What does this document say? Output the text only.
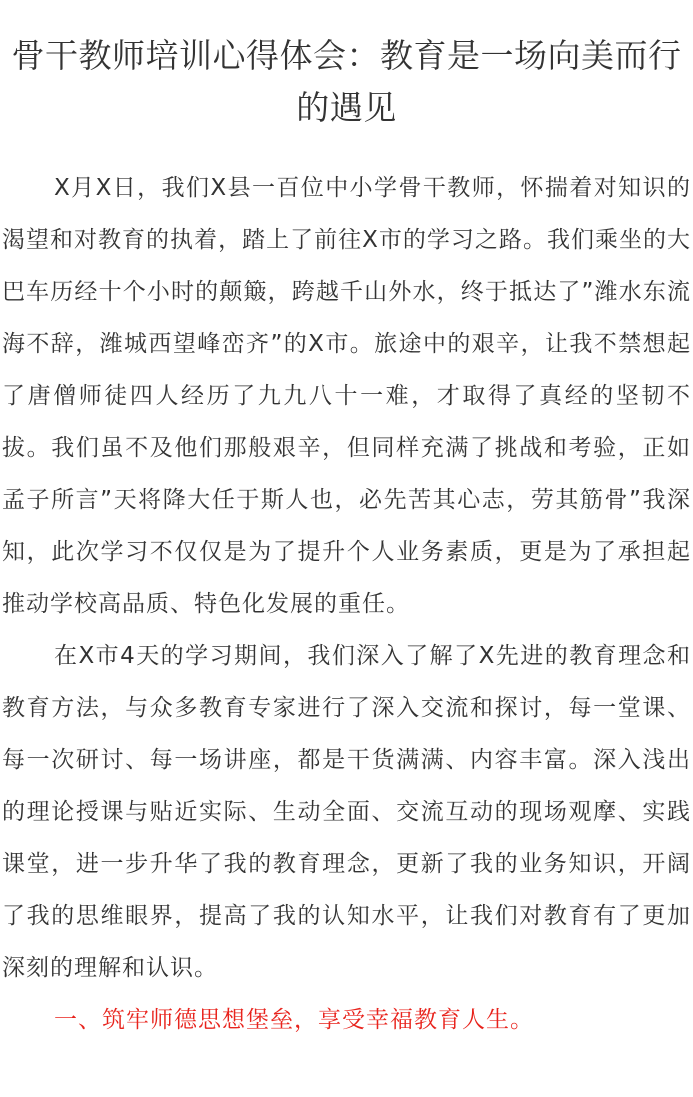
骨干教师培训心得体会：教育是一场向美而行的遇见

X月X日，我们X县一百位中小学骨干教师，怀揣着对知识的渴望和对教育的执着，踏上了前往X市的学习之路。我们乘坐的大巴车历经十个小时的颠簸，跨越千山外水，终于抵达了”潍水东流海不辞，潍城西望峰峦齐”的X市。旅途中的艰辛，让我不禁想起了唐僧师徒四人经历了九九八十一难，才取得了真经的坚韧不拔。我们虽不及他们那般艰辛，但同样充满了挑战和考验，正如孟子所言”天将降大任于斯人也，必先苦其心志，劳其筋骨”我深知，此次学习不仅仅是为了提升个人业务素质，更是为了承担起推动学校高品质、特色化发展的重任。

在X市4天的学习期间，我们深入了解了X先进的教育理念和教育方法，与众多教育专家进行了深入交流和探讨，每一堂课、每一次研讨、每一场讲座，都是干货满满、内容丰富。深入浅出的理论授课与贴近实际、生动全面、交流互动的现场观摩、实践课堂，进一步升华了我的教育理念，更新了我的业务知识，开阔了我的思维眼界，提高了我的认知水平，让我们对教育有了更加深刻的理解和认识。

一、筑牢师德思想堡垒，享受幸福教育人生。
